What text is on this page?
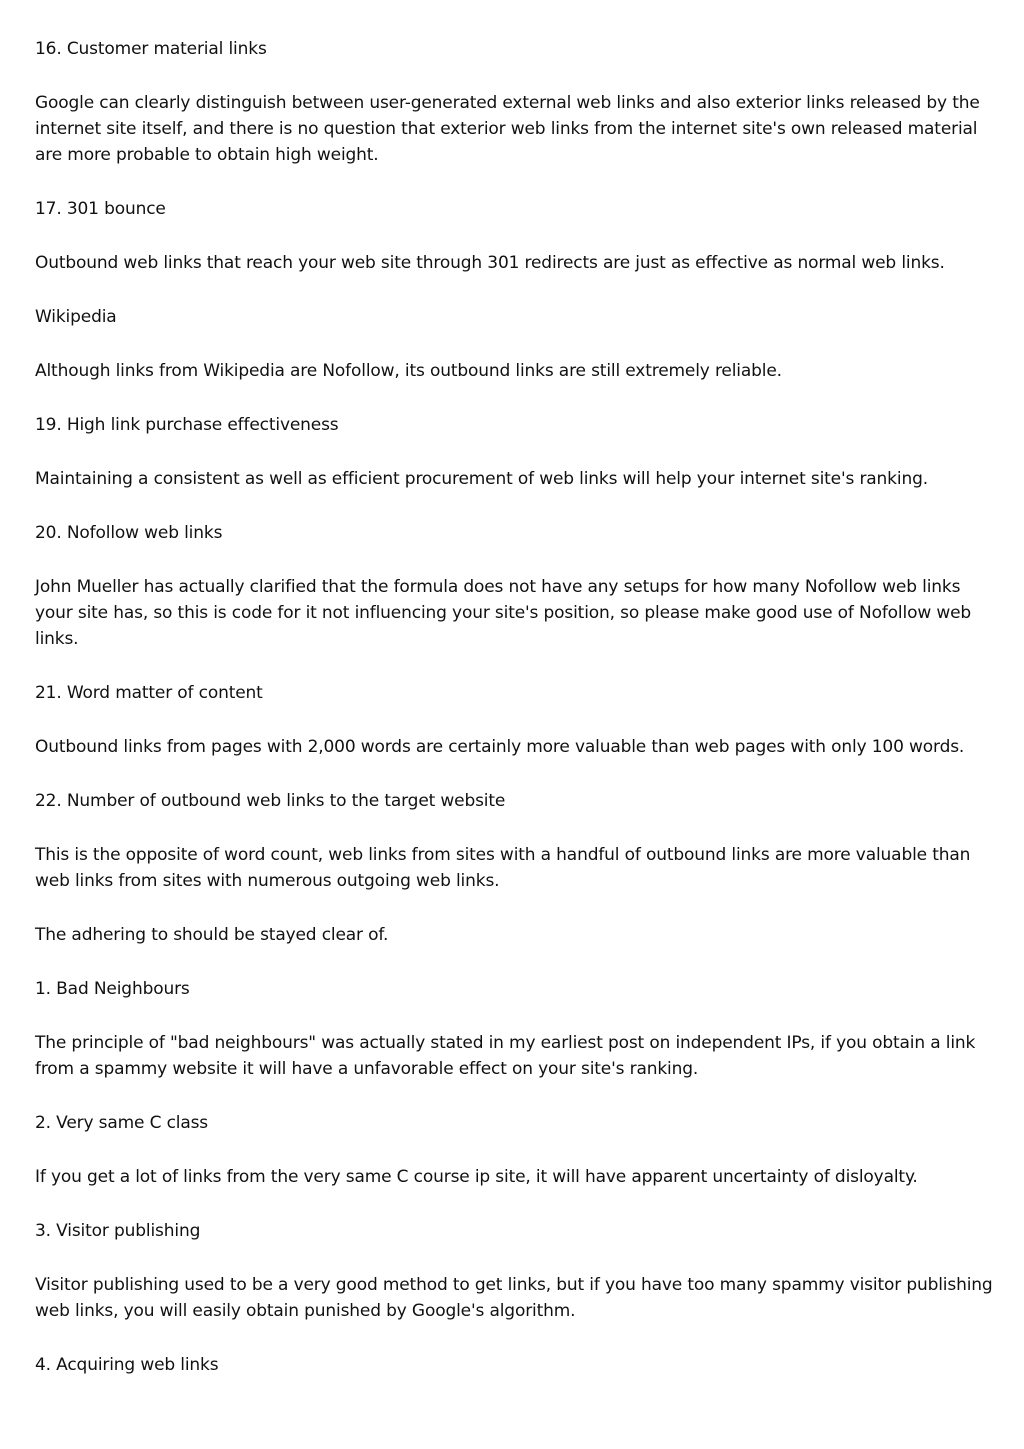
16. Customer material links

Google can clearly distinguish between user-generated external web links and also exterior links released by the internet site itself, and there is no question that exterior web links from the internet site's own released material are more probable to obtain high weight.

17. 301 bounce

Outbound web links that reach your web site through 301 redirects are just as effective as normal web links.

Wikipedia

Although links from Wikipedia are Nofollow, its outbound links are still extremely reliable.

19. High link purchase effectiveness

Maintaining a consistent as well as efficient procurement of web links will help your internet site's ranking.

20. Nofollow web links

John Mueller has actually clarified that the formula does not have any setups for how many Nofollow web links your site has, so this is code for it not influencing your site's position, so please make good use of Nofollow web links.

21. Word matter of content

Outbound links from pages with 2,000 words are certainly more valuable than web pages with only 100 words.

22. Number of outbound web links to the target website

This is the opposite of word count, web links from sites with a handful of outbound links are more valuable than web links from sites with numerous outgoing web links.

The adhering to should be stayed clear of.

1. Bad Neighbours

The principle of "bad neighbours" was actually stated in my earliest post on independent IPs, if you obtain a link from a spammy website it will have a unfavorable effect on your site's ranking.

2. Very same C class

If you get a lot of links from the very same C course ip site, it will have apparent uncertainty of disloyalty.

3. Visitor publishing

Visitor publishing used to be a very good method to get links, but if you have too many spammy visitor publishing web links, you will easily obtain punished by Google's algorithm.

4. Acquiring web links
